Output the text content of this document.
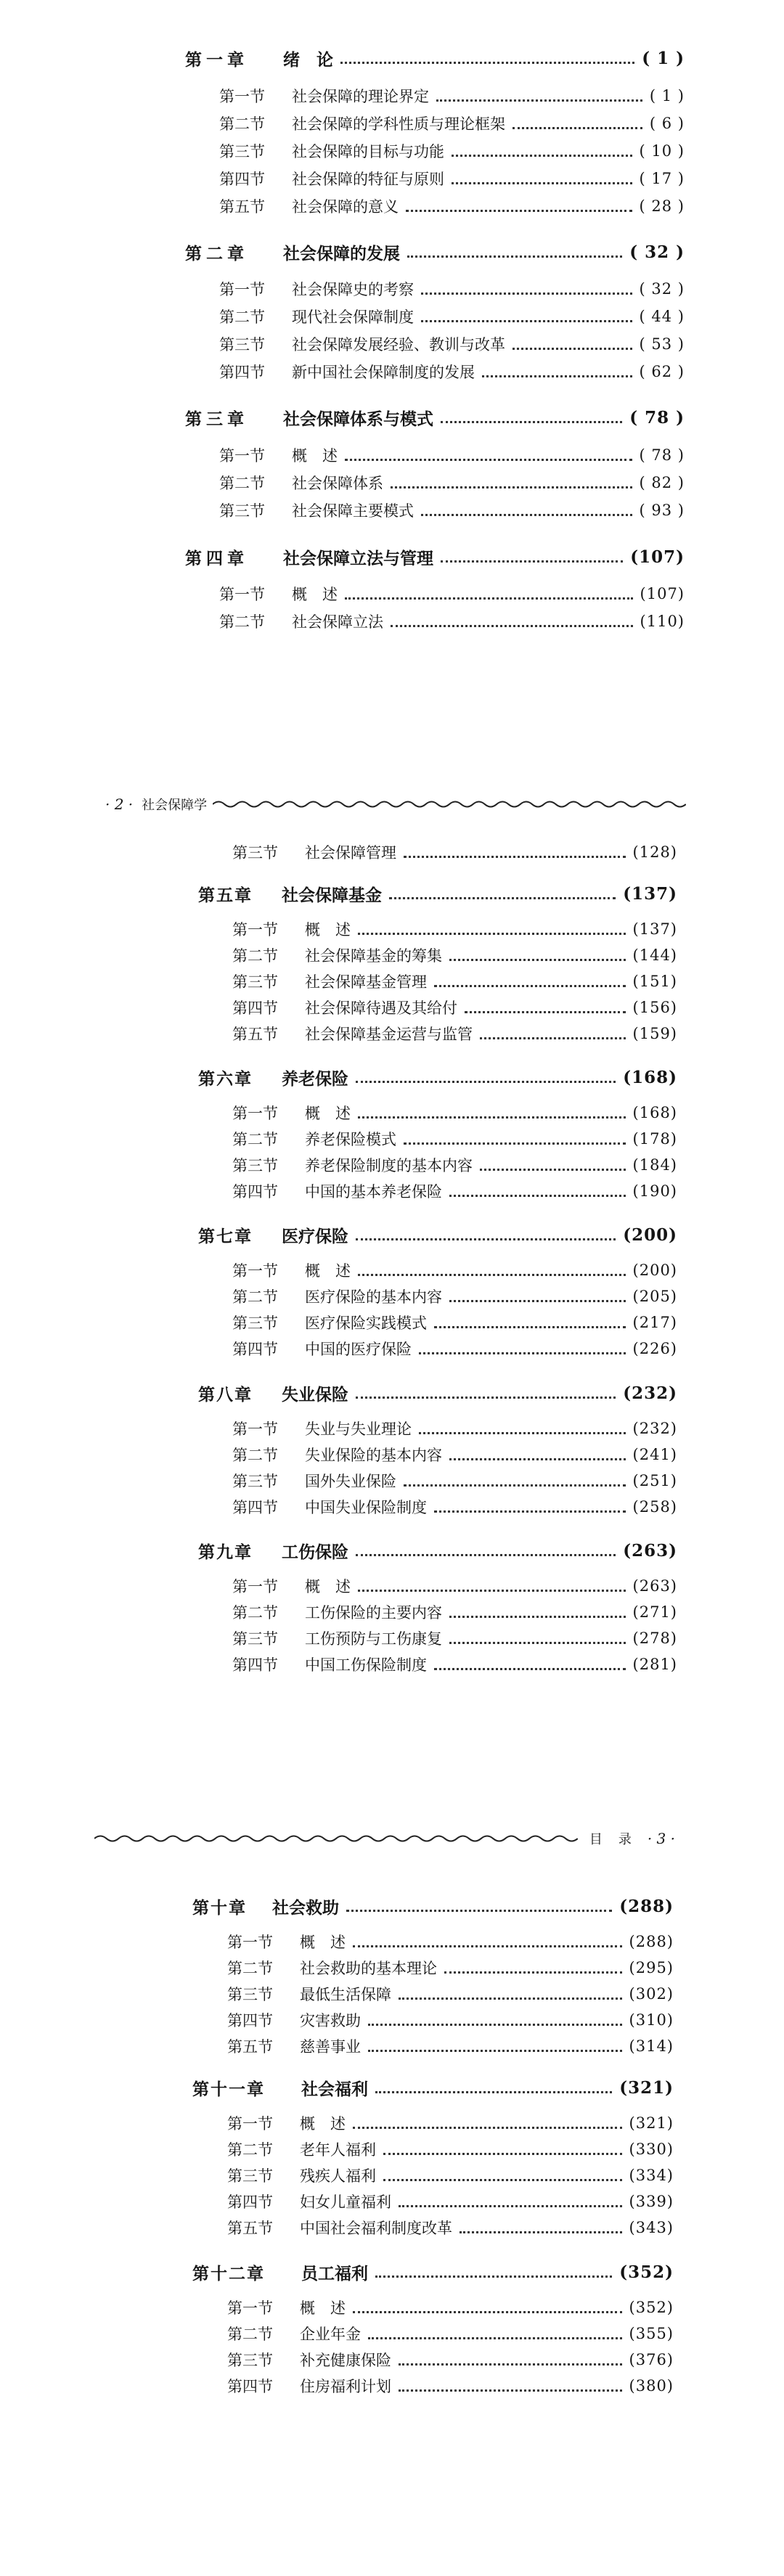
第一章	绪　论	( 1 )
第一节	社会保障的理论界定	( 1 )
第二节	社会保障的学科性质与理论框架	( 6 )
第三节	社会保障的目标与功能	( 10 )
第四节	社会保障的特征与原则	( 17 )
第五节	社会保障的意义	( 28 )
第二章	社会保障的发展	( 32 )
第一节	社会保障史的考察	( 32 )
第二节	现代社会保障制度	( 44 )
第三节	社会保障发展经验、教训与改革	( 53 )
第四节	新中国社会保障制度的发展	( 62 )
第三章	社会保障体系与模式	( 78 )
第一节	概　述	( 78 )
第二节	社会保障体系	( 82 )
第三节	社会保障主要模式	( 93 )
第四章	社会保障立法与管理	(107)
第一节	概　述	(107)
第二节	社会保障立法	(110)
· 2 · 社会保障学
第三节	社会保障管理	(128)
第五章	社会保障基金	(137)
第一节	概　述	(137)
第二节	社会保障基金的筹集	(144)
第三节	社会保障基金管理	(151)
第四节	社会保障待遇及其给付	(156)
第五节	社会保障基金运营与监管	(159)
第六章	养老保险	(168)
第一节	概　述	(168)
第二节	养老保险模式	(178)
第三节	养老保险制度的基本内容	(184)
第四节	中国的基本养老保险	(190)
第七章	医疗保险	(200)
第一节	概　述	(200)
第二节	医疗保险的基本内容	(205)
第三节	医疗保险实践模式	(217)
第四节	中国的医疗保险	(226)
第八章	失业保险	(232)
第一节	失业与失业理论	(232)
第二节	失业保险的基本内容	(241)
第三节	国外失业保险	(251)
第四节	中国失业保险制度	(258)
第九章	工伤保险	(263)
第一节	概　述	(263)
第二节	工伤保险的主要内容	(271)
第三节	工伤预防与工伤康复	(278)
第四节	中国工伤保险制度	(281)
目录 · 3 ·
第十章	社会救助	(288)
第一节	概　述	(288)
第二节	社会救助的基本理论	(295)
第三节	最低生活保障	(302)
第四节	灾害救助	(310)
第五节	慈善事业	(314)
第十一章	社会福利	(321)
第一节	概　述	(321)
第二节	老年人福利	(330)
第三节	残疾人福利	(334)
第四节	妇女儿童福利	(339)
第五节	中国社会福利制度改革	(343)
第十二章	员工福利	(352)
第一节	概　述	(352)
第二节	企业年金	(355)
第三节	补充健康保险	(376)
第四节	住房福利计划	(380)
